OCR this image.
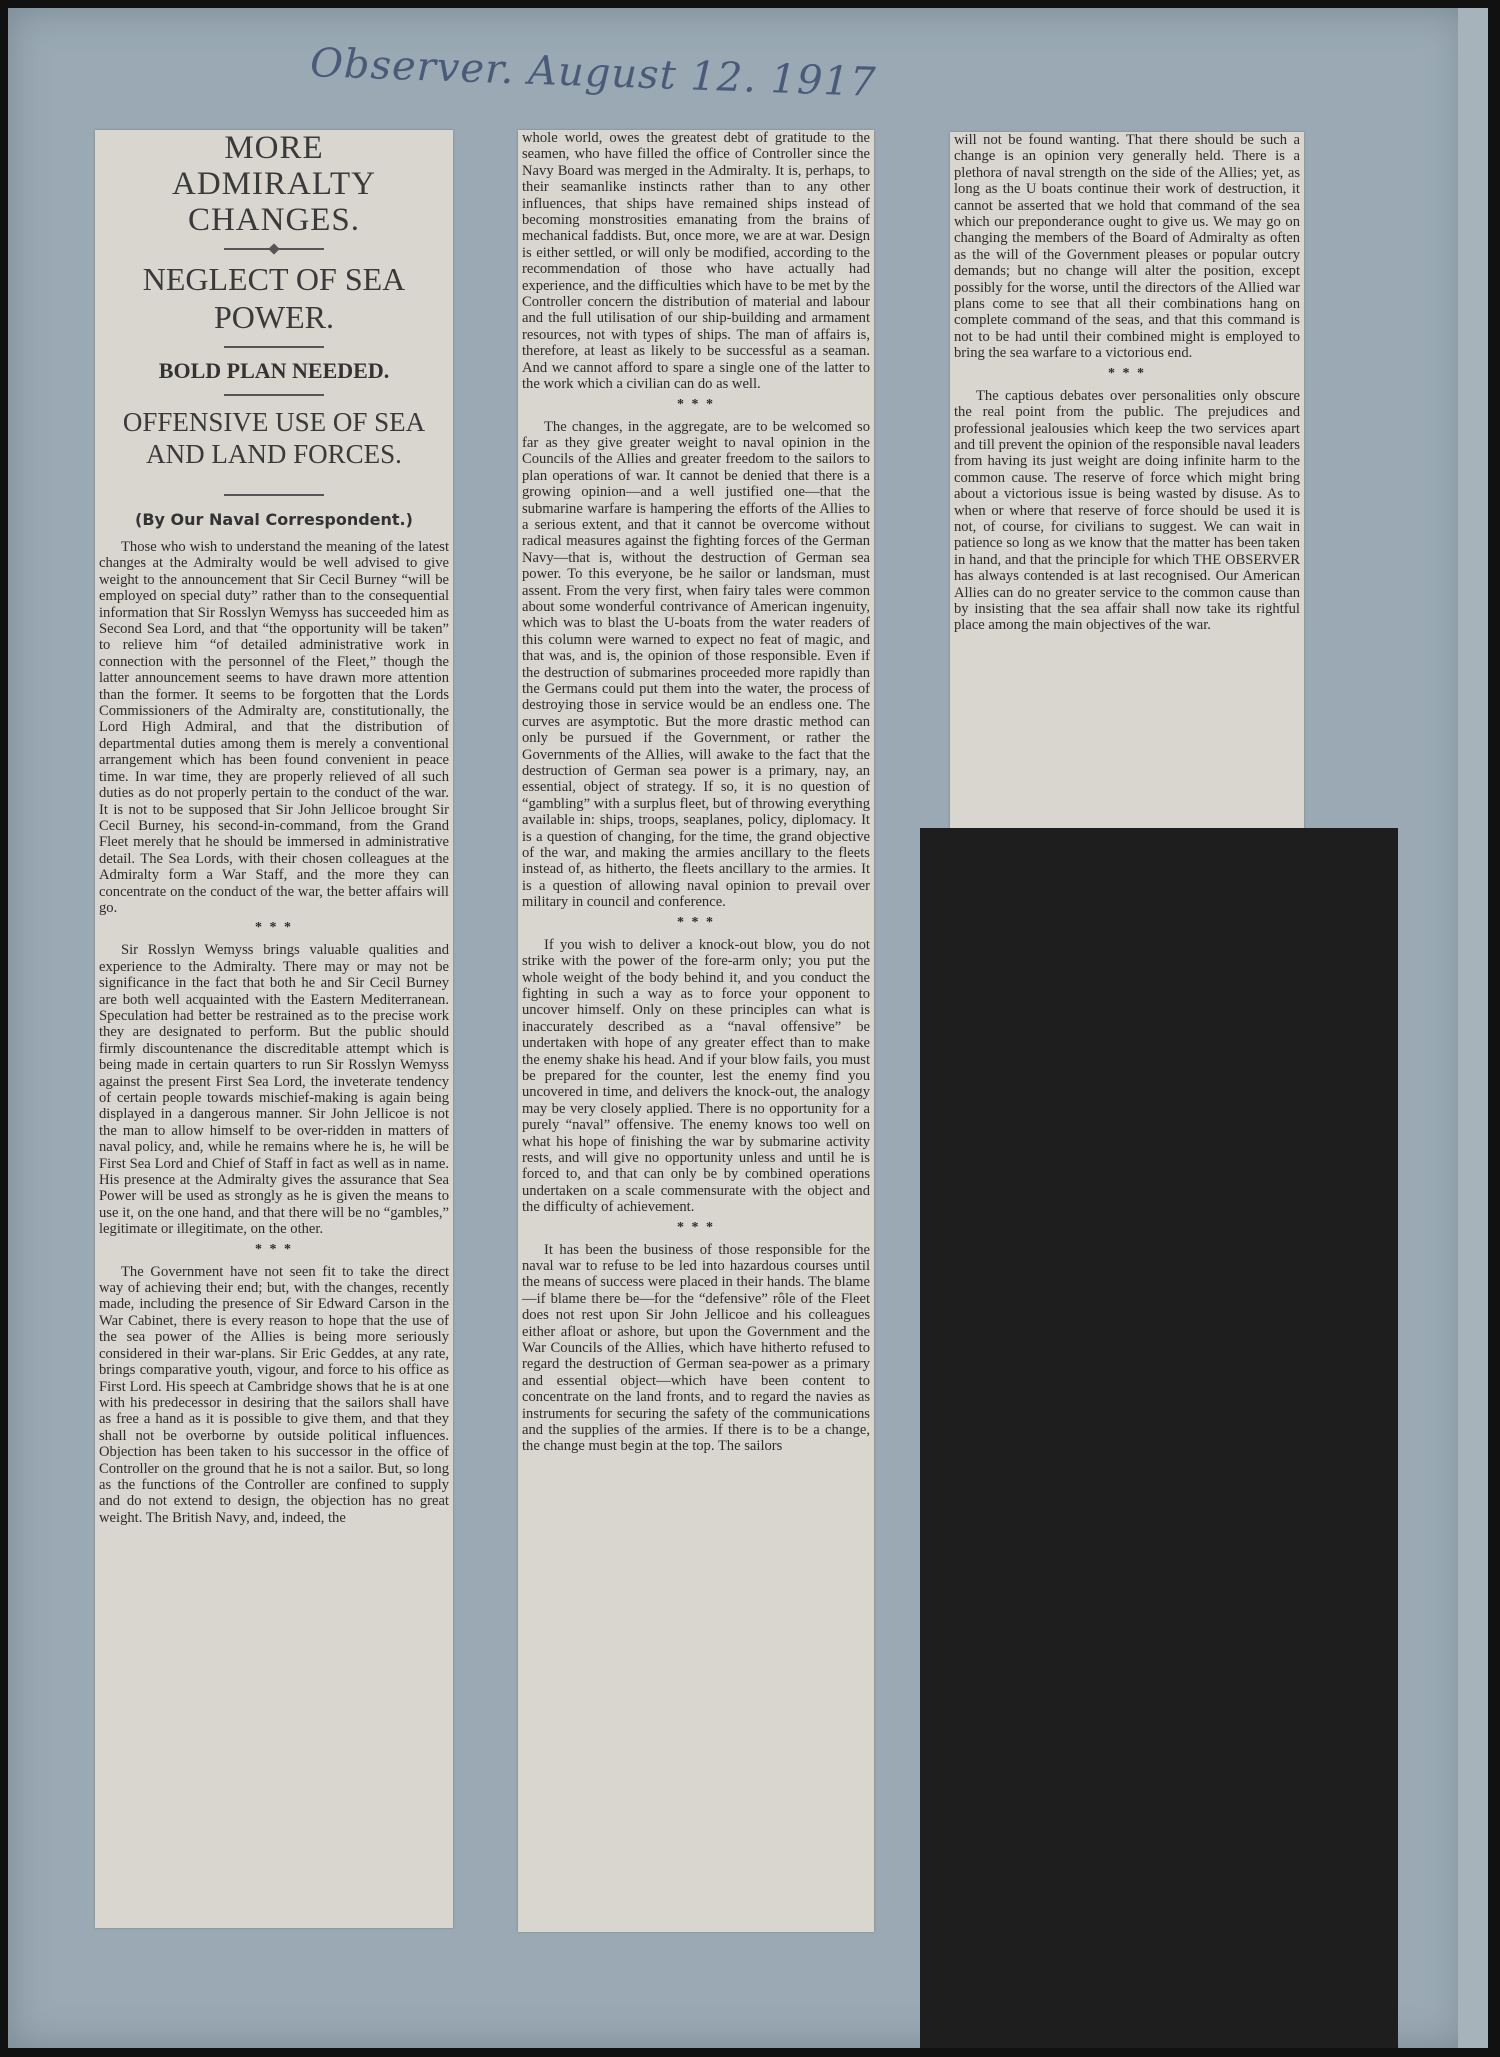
Observer. August 12. 1917
MORE ADMIRALTY CHANGES.
NEGLECT OF SEA POWER.
BOLD PLAN NEEDED.
OFFENSIVE USE OF SEA AND LAND FORCES.
(By Our Naval Correspondent.)

Those who wish to understand the meaning of the latest changes at the Admiralty would be well advised to give weight to the announcement that Sir Cecil Burney “will be employed on special duty” rather than to the consequential information that Sir Rosslyn Wemyss has succeeded him as Second Sea Lord, and that “the opportunity will be taken” to relieve him “of detailed administrative work in connection with the personnel of the Fleet,” though the latter announcement seems to have drawn more attention than the former. It seems to be forgotten that the Lords Commissioners of the Admiralty are, constitutionally, the Lord High Admiral, and that the distribution of departmental duties among them is merely a conventional arrangement which has been found convenient in peace time. In war time, they are properly relieved of all such duties as do not properly pertain to the conduct of the war. It is not to be supposed that Sir John Jellicoe brought Sir Cecil Burney, his second-in-command, from the Grand Fleet merely that he should be immersed in administrative detail. The Sea Lords, with their chosen colleagues at the Admiralty form a War Staff, and the more they can concentrate on the conduct of the war, the better affairs will go.

* * *

Sir Rosslyn Wemyss brings valuable qualities and experience to the Admiralty. There may or may not be significance in the fact that both he and Sir Cecil Burney are both well acquainted with the Eastern Mediterranean. Speculation had better be restrained as to the precise work they are designated to perform. But the public should firmly discountenance the discreditable attempt which is being made in certain quarters to run Sir Rosslyn Wemyss against the present First Sea Lord, the inveterate tendency of certain people towards mischief-making is again being displayed in a dangerous manner. Sir John Jellicoe is not the man to allow himself to be over-ridden in matters of naval policy, and, while he remains where he is, he will be First Sea Lord and Chief of Staff in fact as well as in name. His presence at the Admiralty gives the assurance that Sea Power will be used as strongly as he is given the means to use it, on the one hand, and that there will be no “gambles,” legitimate or illegitimate, on the other.

* * *

The Government have not seen fit to take the direct way of achieving their end; but, with the changes, recently made, including the presence of Sir Edward Carson in the War Cabinet, there is every reason to hope that the use of the sea power of the Allies is being more seriously considered in their war-plans. Sir Eric Geddes, at any rate, brings comparative youth, vigour, and force to his office as First Lord. His speech at Cambridge shows that he is at one with his predecessor in desiring that the sailors shall have as free a hand as it is possible to give them, and that they shall not be overborne by outside political influences. Objection has been taken to his successor in the office of Controller on the ground that he is not a sailor. But, so long as the functions of the Controller are confined to supply and do not extend to design, the objection has no great weight. The British Navy, and, indeed, the

whole world, owes the greatest debt of gratitude to the seamen, who have filled the office of Controller since the Navy Board was merged in the Admiralty. It is, perhaps, to their seamanlike instincts rather than to any other influences, that ships have remained ships instead of becoming monstrosities emanating from the brains of mechanical faddists. But, once more, we are at war. Design is either settled, or will only be modified, according to the recommendation of those who have actually had experience, and the difficulties which have to be met by the Controller concern the distribution of material and labour and the full utilisation of our ship-building and armament resources, not with types of ships. The man of affairs is, therefore, at least as likely to be successful as a seaman. And we cannot afford to spare a single one of the latter to the work which a civilian can do as well.

* * *

The changes, in the aggregate, are to be welcomed so far as they give greater weight to naval opinion in the Councils of the Allies and greater freedom to the sailors to plan operations of war. It cannot be denied that there is a growing opinion—and a well justified one—that the submarine warfare is hampering the efforts of the Allies to a serious extent, and that it cannot be overcome without radical measures against the fighting forces of the German Navy—that is, without the destruction of German sea power. To this everyone, be he sailor or landsman, must assent. From the very first, when fairy tales were common about some wonderful contrivance of American ingenuity, which was to blast the U-boats from the water readers of this column were warned to expect no feat of magic, and that was, and is, the opinion of those responsible. Even if the destruction of submarines proceeded more rapidly than the Germans could put them into the water, the process of destroying those in service would be an endless one. The curves are asymptotic. But the more drastic method can only be pursued if the Government, or rather the Governments of the Allies, will awake to the fact that the destruction of German sea power is a primary, nay, an essential, object of strategy. If so, it is no question of “gambling” with a surplus fleet, but of throwing everything available in: ships, troops, seaplanes, policy, diplomacy. It is a question of changing, for the time, the grand objective of the war, and making the armies ancillary to the fleets instead of, as hitherto, the fleets ancillary to the armies. It is a question of allowing naval opinion to prevail over military in council and conference.

* * *

If you wish to deliver a knock-out blow, you do not strike with the power of the fore-arm only; you put the whole weight of the body behind it, and you conduct the fighting in such a way as to force your opponent to uncover himself. Only on these principles can what is inaccurately described as a “naval offensive” be undertaken with hope of any greater effect than to make the enemy shake his head. And if your blow fails, you must be prepared for the counter, lest the enemy find you uncovered in time, and delivers the knock-out, the analogy may be very closely applied. There is no opportunity for a purely “naval” offensive. The enemy knows too well on what his hope of finishing the war by submarine activity rests, and will give no opportunity unless and until he is forced to, and that can only be by combined operations undertaken on a scale commensurate with the object and the difficulty of achievement.

* * *

It has been the business of those responsible for the naval war to refuse to be led into hazardous courses until the means of success were placed in their hands. The blame—if blame there be—for the “defensive” rôle of the Fleet does not rest upon Sir John Jellicoe and his colleagues either afloat or ashore, but upon the Government and the War Councils of the Allies, which have hitherto refused to regard the destruction of German sea-power as a primary and essential object—which have been content to concentrate on the land fronts, and to regard the navies as instruments for securing the safety of the communications and the supplies of the armies. If there is to be a change, the change must begin at the top. The sailors

will not be found wanting. That there should be such a change is an opinion very generally held. There is a plethora of naval strength on the side of the Allies; yet, as long as the U boats continue their work of destruction, it cannot be asserted that we hold that command of the sea which our preponderance ought to give us. We may go on changing the members of the Board of Admiralty as often as the will of the Government pleases or popular outcry demands; but no change will alter the position, except possibly for the worse, until the directors of the Allied war plans come to see that all their combinations hang on complete command of the seas, and that this command is not to be had until their combined might is employed to bring the sea warfare to a victorious end.

* * *

The captious debates over personalities only obscure the real point from the public. The prejudices and professional jealousies which keep the two services apart and till prevent the opinion of the responsible naval leaders from having its just weight are doing infinite harm to the common cause. The reserve of force which might bring about a victorious issue is being wasted by disuse. As to when or where that reserve of force should be used it is not, of course, for civilians to suggest. We can wait in patience so long as we know that the matter has been taken in hand, and that the principle for which THE OBSERVER has always contended is at last recognised. Our American Allies can do no greater service to the common cause than by insisting that the sea affair shall now take its rightful place among the main objectives of the war.
